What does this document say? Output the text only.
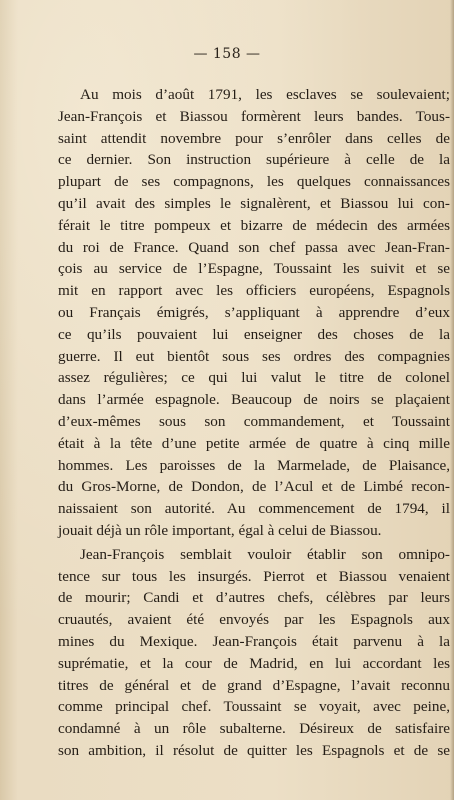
— 158 —
Au mois d’août 1791, les esclaves se soulevaient;
Jean-François et Biassou formèrent leurs bandes. Tous-
saint attendit novembre pour s’enrôler dans celles de
ce dernier. Son instruction supérieure à celle de la
plupart de ses compagnons, les quelques connaissances
qu’il avait des simples le signalèrent, et Biassou lui con-
férait le titre pompeux et bizarre de médecin des armées
du roi de France. Quand son chef passa avec Jean-Fran-
çois au service de l’Espagne, Toussaint les suivit et se
mit en rapport avec les officiers européens, Espagnols
ou Français émigrés, s’appliquant à apprendre d’eux
ce qu’ils pouvaient lui enseigner des choses de la
guerre. Il eut bientôt sous ses ordres des compagnies
assez régulières; ce qui lui valut le titre de colonel
dans l’armée espagnole. Beaucoup de noirs se plaçaient
d’eux-mêmes sous son commandement, et Toussaint
était à la tête d’une petite armée de quatre à cinq mille
hommes. Les paroisses de la Marmelade, de Plaisance,
du Gros-Morne, de Dondon, de l’Acul et de Limbé recon-
naissaient son autorité. Au commencement de 1794, il
jouait déjà un rôle important, égal à celui de Biassou.
Jean-François semblait vouloir établir son omnipo-
tence sur tous les insurgés. Pierrot et Biassou venaient
de mourir; Candi et d’autres chefs, célèbres par leurs
cruautés, avaient été envoyés par les Espagnols aux
mines du Mexique. Jean-François était parvenu à la
suprématie, et la cour de Madrid, en lui accordant les
titres de général et de grand d’Espagne, l’avait reconnu
comme principal chef. Toussaint se voyait, avec peine,
condamné à un rôle subalterne. Désireux de satisfaire
son ambition, il résolut de quitter les Espagnols et de se
